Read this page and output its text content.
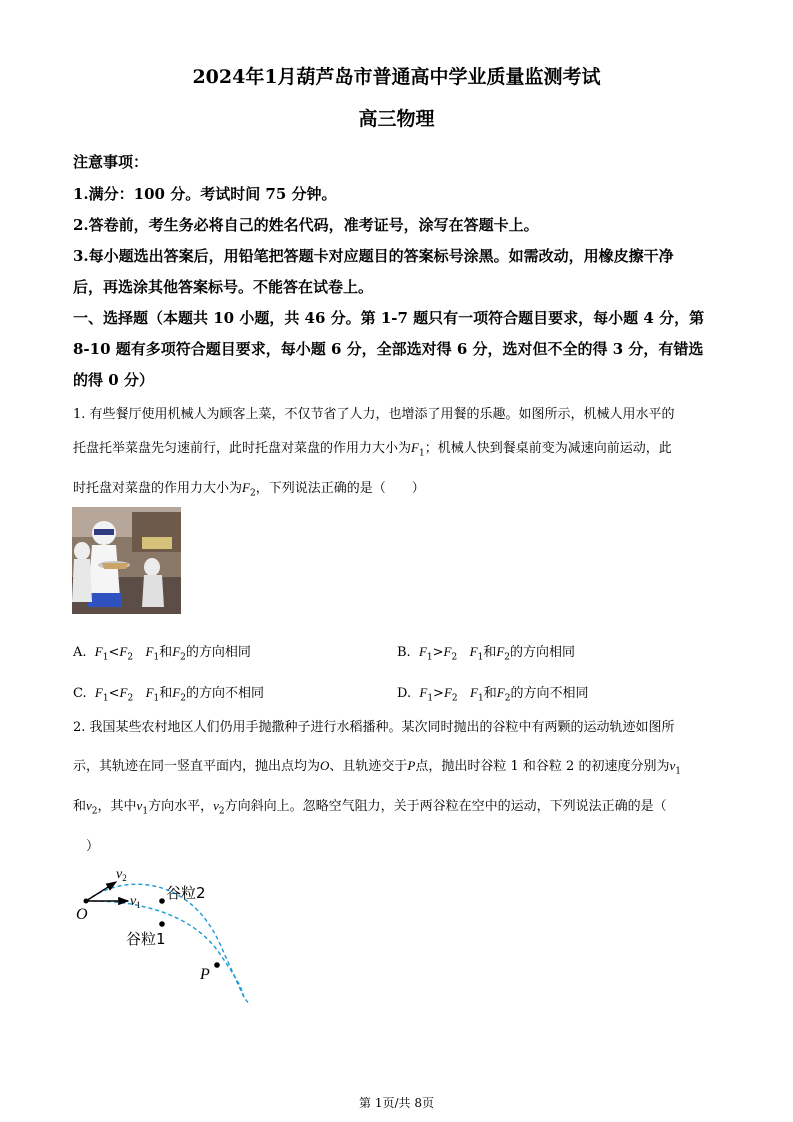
2024年1月葫芦岛市普通高中学业质量监测考试
高三物理
注意事项：
1.满分：100 分。考试时间 75 分钟。
2.答卷前，考生务必将自己的姓名代码，准考证号，涂写在答题卡上。
3.每小题选出答案后，用铅笔把答题卡对应题目的答案标号涂黑。如需改动，用橡皮擦干净
后，再选涂其他答案标号。不能答在试卷上。
一、选择题（本题共 10 小题，共 46 分。第 1-7 题只有一项符合题目要求，每小题 4 分，第
8-10 题有多项符合题目要求，每小题 6 分，全部选对得 6 分，选对但不全的得 3 分，有错选
的得 0 分）
1. 有些餐厅使用机械人为顾客上菜，不仅节省了人力，也增添了用餐的乐趣。如图所示，机械人用水平的
托盘托举菜盘先匀速前行，此时托盘对菜盘的作用力大小为$F_1$；机械人快到餐桌前变为减速向前运动，此
时托盘对菜盘的作用力大小为$F_2$，下列说法正确的是（　　）
A. $F_1<F_2$ $F_1$和$F_2$的方向相同	B. $F_1>F_2$ $F_1$和$F_2$的方向相同
C. $F_1<F_2$ $F_1$和$F_2$的方向不相同	D. $F_1>F_2$ $F_1$和$F_2$的方向不相同
2. 我国某些农村地区人们仍用手抛撒种子进行水稻播种。某次同时抛出的谷粒中有两颗的运动轨迹如图所
示，其轨迹在同一竖直平面内，抛出点均为O、且轨迹交于P点，抛出时谷粒 1 和谷粒 2 的初速度分别为$v_1$
和$v_2$，其中$v_1$方向水平，$v_2$方向斜向上。忽略空气阻力，关于两谷粒在空中的运动，下列说法正确的是（
）
O
P
$v_2$
$v_1$
谷粒2
谷粒1
第 1页/共 8页
